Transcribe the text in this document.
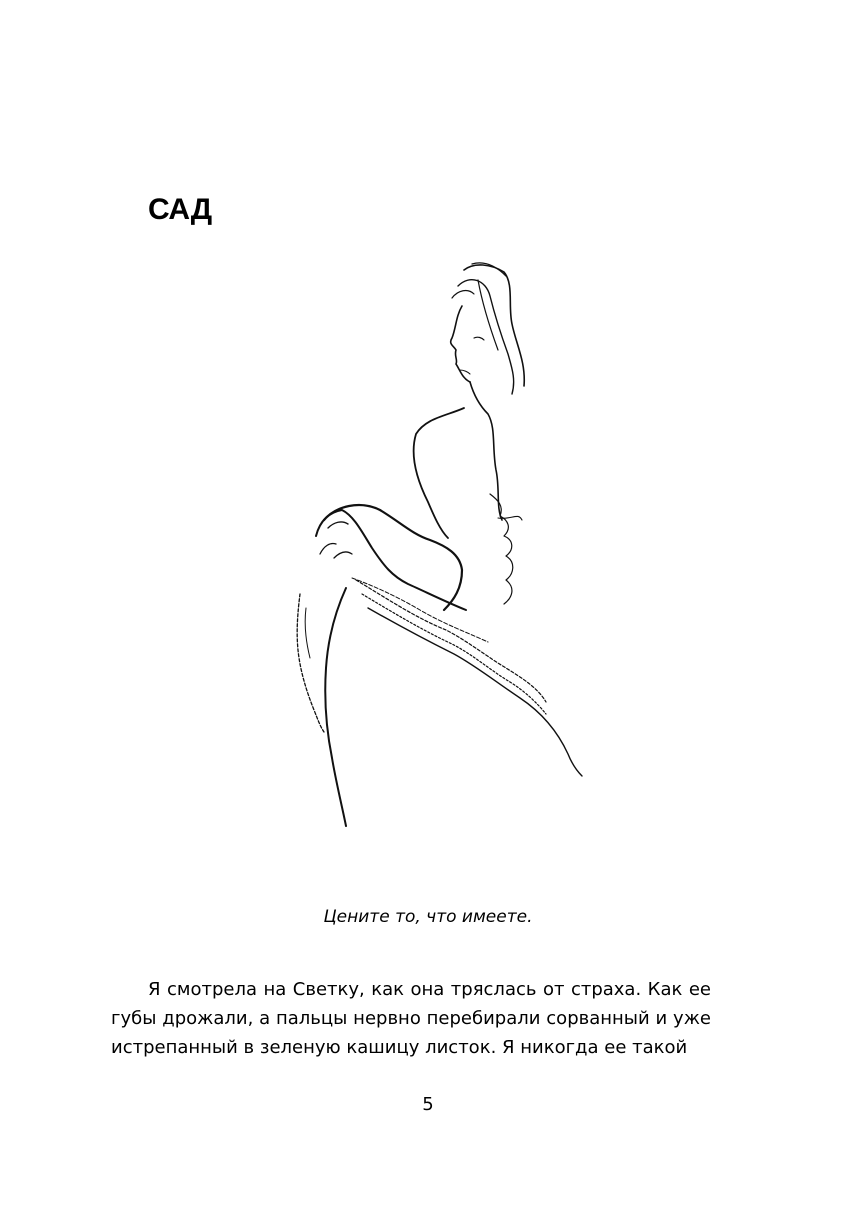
САД

Цените то, что имеете.

Я смотрела на Светку, как она тряслась от страха. Как ее губы дрожали, а пальцы нервно перебирали сорванный и уже истрепанный в зеленую кашицу листок. Я никогда ее такой

5
